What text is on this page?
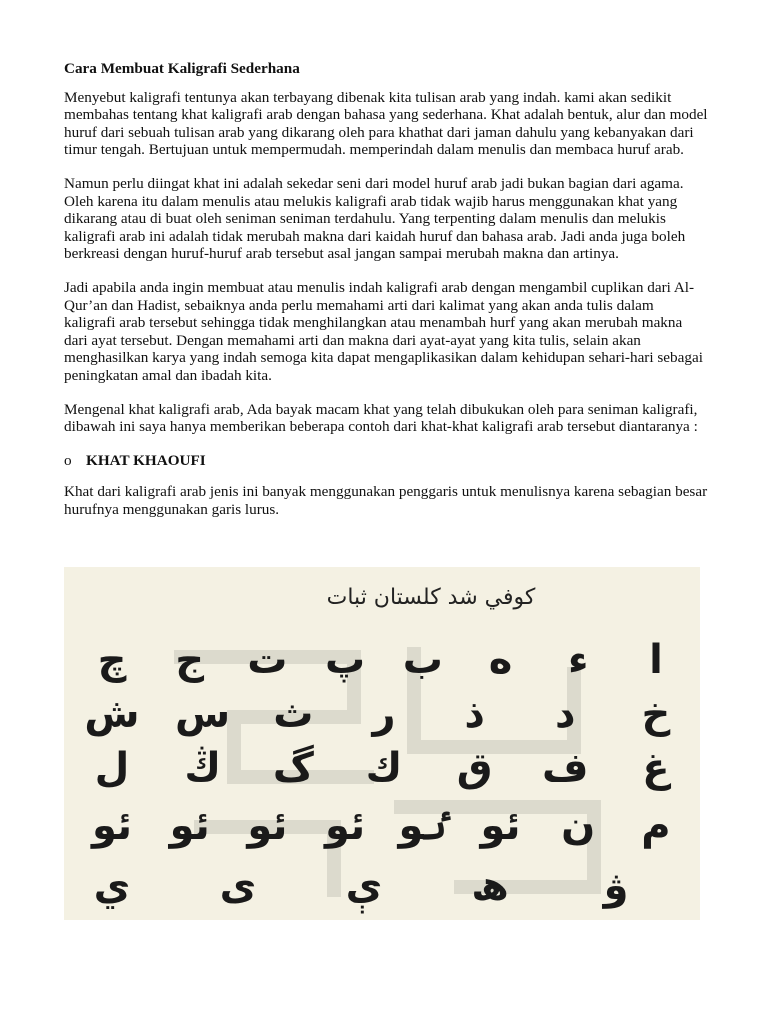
Cara Membuat Kaligrafi Sederhana

Menyebut kaligrafi tentunya akan terbayang dibenak kita tulisan arab yang indah. kami akan sedikit membahas tentang khat kaligrafi arab dengan bahasa yang sederhana. Khat adalah bentuk, alur dan model huruf dari sebuah tulisan arab yang dikarang oleh para khathat dari jaman dahulu yang kebanyakan dari timur tengah. Bertujuan untuk mempermudah. memperindah dalam menulis dan membaca huruf arab.

Namun perlu diingat khat ini adalah sekedar seni dari model huruf arab jadi bukan bagian dari agama. Oleh karena itu dalam menulis atau melukis kaligrafi arab tidak wajib harus menggunakan khat yang dikarang atau di buat oleh seniman seniman terdahulu. Yang terpenting dalam menulis dan melukis kaligrafi arab ini adalah tidak merubah makna dari kaidah huruf dan bahasa arab. Jadi anda juga boleh berkreasi dengan huruf-huruf arab tersebut asal jangan sampai merubah makna dan artinya.

Jadi apabila anda ingin membuat atau menulis indah kaligrafi arab dengan mengambil cuplikan dari Al-Qur’an dan Hadist, sebaiknya anda perlu memahami arti dari kalimat yang akan anda tulis dalam kaligrafi arab tersebut sehingga tidak menghilangkan atau menambah hurf yang akan merubah makna dari ayat tersebut. Dengan memahami arti dan makna dari ayat-ayat yang kita tulis, selain akan menghasilkan karya yang indah semoga kita dapat mengaplikasikan dalam kehidupan sehari-hari sebagai peningkatan amal dan ibadah kita.

Mengenal khat kaligrafi arab, Ada bayak macam khat yang telah dibukukan oleh para seniman kaligrafi, dibawah ini saya hanya memberikan beberapa contoh dari khat-khat kaligrafi arab tersebut diantaranya :

o KHAT KHAOUFI

Khat dari kaligrafi arab jenis ini banyak menggunakan penggaris untuk menulisnya karena sebagian besar hurufnya menggunakan garis lurus.

كوفي شد كلستان ثبات
ا
ء
ه
ب
پ
ت
ج
چ
خ
د
ذ
ر
ث
س
ش
غ
ف
ق
ك
گ
ڭ
ل
م
ن
ئو
ٸو
ئو
ئو
ئو
ئو
ۋ
ھ
ې
ى
ي
